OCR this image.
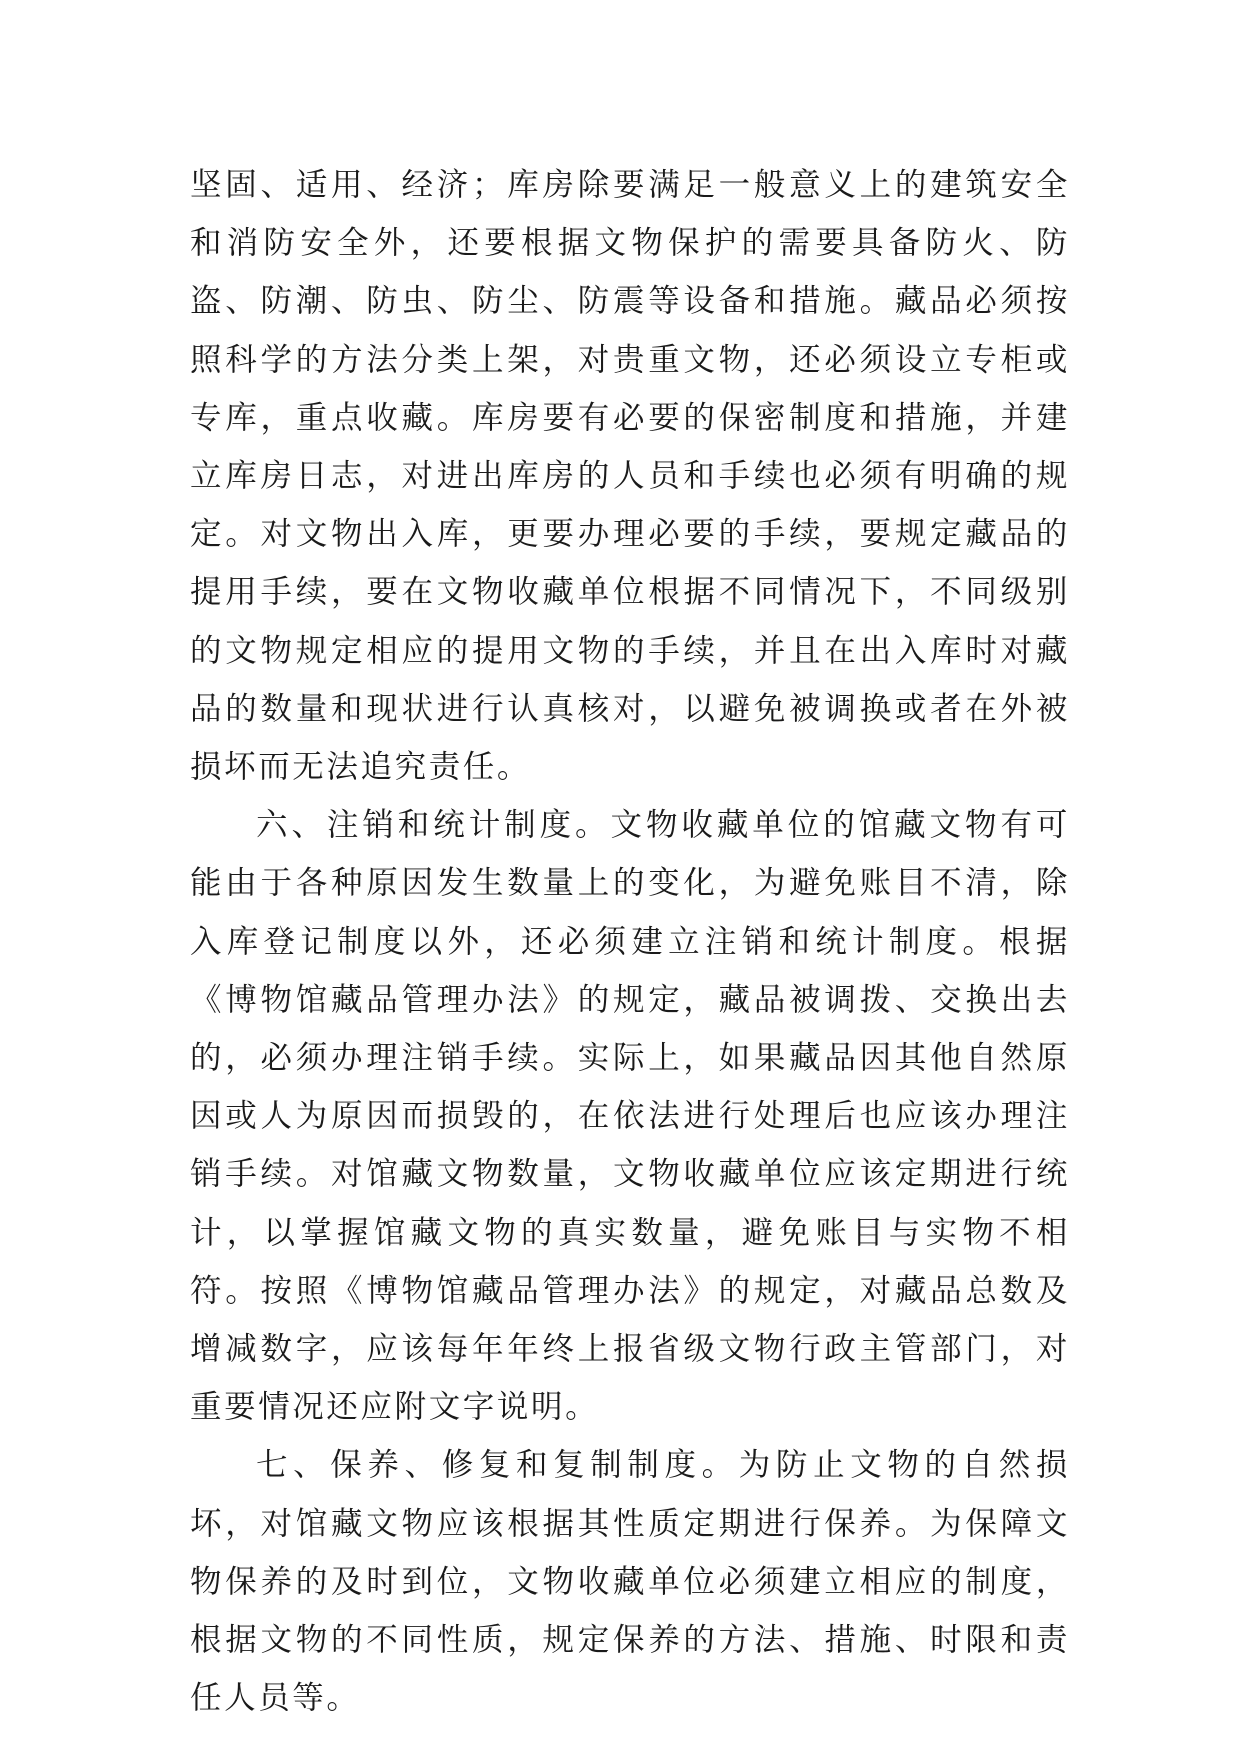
坚固、适用、经济；库房除要满足一般意义上的建筑安全和消防安全外，还要根据文物保护的需要具备防火、防盗、防潮、防虫、防尘、防震等设备和措施。藏品必须按照科学的方法分类上架，对贵重文物，还必须设立专柜或专库，重点收藏。库房要有必要的保密制度和措施，并建立库房日志，对进出库房的人员和手续也必须有明确的规定。对文物出入库，更要办理必要的手续，要规定藏品的提用手续，要在文物收藏单位根据不同情况下，不同级别的文物规定相应的提用文物的手续，并且在出入库时对藏品的数量和现状进行认真核对，以避免被调换或者在外被损坏而无法追究责任。

六、注销和统计制度。文物收藏单位的馆藏文物有可能由于各种原因发生数量上的变化，为避免账目不清，除入库登记制度以外，还必须建立注销和统计制度。根据《博物馆藏品管理办法》的规定，藏品被调拨、交换出去的，必须办理注销手续。实际上，如果藏品因其他自然原因或人为原因而损毁的，在依法进行处理后也应该办理注销手续。对馆藏文物数量，文物收藏单位应该定期进行统计，以掌握馆藏文物的真实数量，避免账目与实物不相符。按照《博物馆藏品管理办法》的规定，对藏品总数及增减数字，应该每年年终上报省级文物行政主管部门，对重要情况还应附文字说明。

七、保养、修复和复制制度。为防止文物的自然损坏，对馆藏文物应该根据其性质定期进行保养。为保障文物保养的及时到位，文物收藏单位必须建立相应的制度，根据文物的不同性质，规定保养的方法、措施、时限和责任人员等。
